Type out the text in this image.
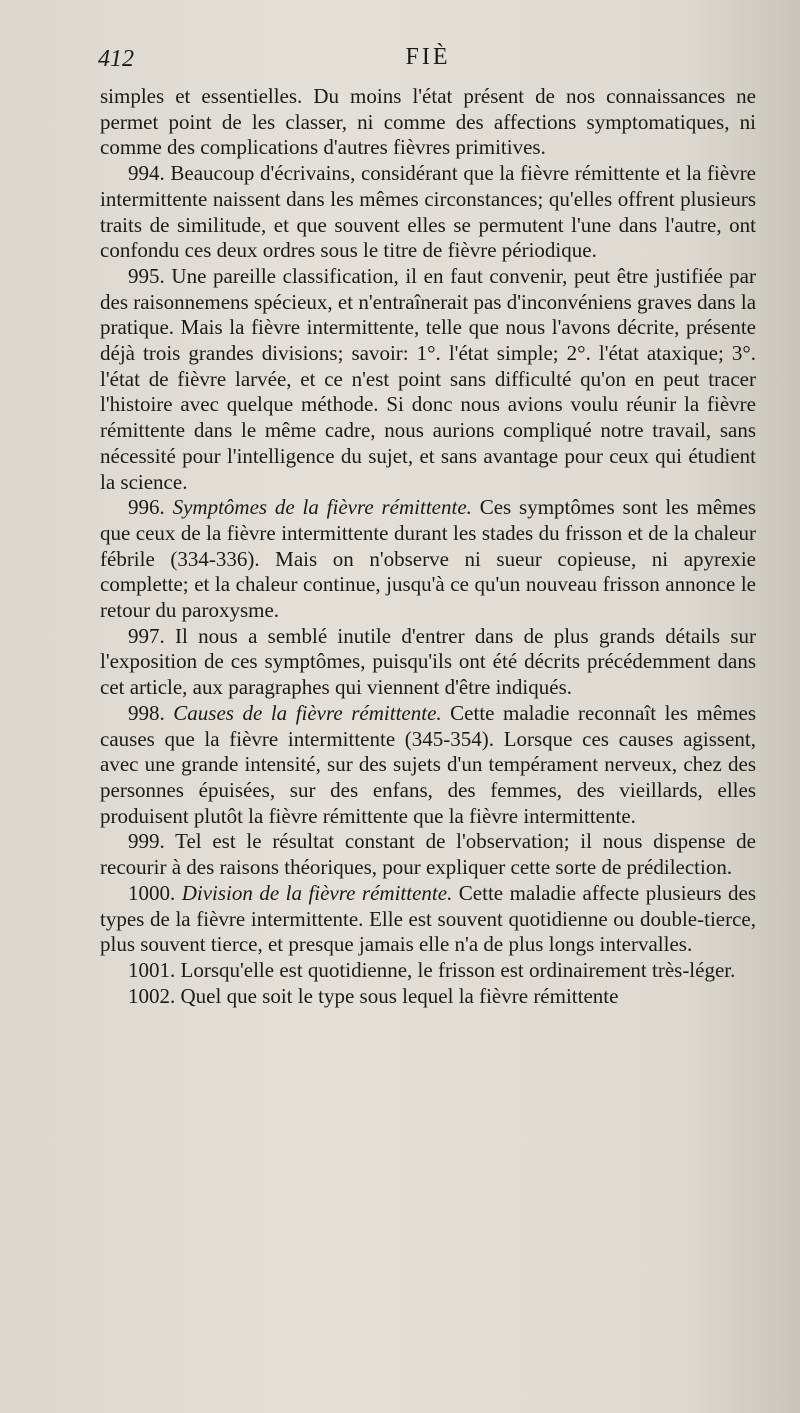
412	FIÈ

simples et essentielles. Du moins l'état présent de nos connaissances ne permet point de les classer, ni comme des affections symptomatiques, ni comme des complications d'autres fièvres primitives.

994. Beaucoup d'écrivains, considérant que la fièvre rémittente et la fièvre intermittente naissent dans les mêmes circonstances; qu'elles offrent plusieurs traits de similitude, et que souvent elles se permutent l'une dans l'autre, ont confondu ces deux ordres sous le titre de fièvre périodique.

995. Une pareille classification, il en faut convenir, peut être justifiée par des raisonnemens spécieux, et n'entraînerait pas d'inconvéniens graves dans la pratique. Mais la fièvre intermittente, telle que nous l'avons décrite, présente déjà trois grandes divisions; savoir: 1°. l'état simple; 2°. l'état ataxique; 3°. l'état de fièvre larvée, et ce n'est point sans difficulté qu'on en peut tracer l'histoire avec quelque méthode. Si donc nous avions voulu réunir la fièvre rémittente dans le même cadre, nous aurions compliqué notre travail, sans nécessité pour l'intelligence du sujet, et sans avantage pour ceux qui étudient la science.

996. Symptômes de la fièvre rémittente. Ces symptômes sont les mêmes que ceux de la fièvre intermittente durant les stades du frisson et de la chaleur fébrile (334-336). Mais on n'observe ni sueur copieuse, ni apyrexie complette; et la chaleur continue, jusqu'à ce qu'un nouveau frisson annonce le retour du paroxysme.

997. Il nous a semblé inutile d'entrer dans de plus grands détails sur l'exposition de ces symptômes, puisqu'ils ont été décrits précédemment dans cet article, aux paragraphes qui viennent d'être indiqués.

998. Causes de la fièvre rémittente. Cette maladie reconnaît les mêmes causes que la fièvre intermittente (345-354). Lorsque ces causes agissent, avec une grande intensité, sur des sujets d'un tempérament nerveux, chez des personnes épuisées, sur des enfans, des femmes, des vieillards, elles produisent plutôt la fièvre rémittente que la fièvre intermittente.

999. Tel est le résultat constant de l'observation; il nous dispense de recourir à des raisons théoriques, pour expliquer cette sorte de prédilection.

1000. Division de la fièvre rémittente. Cette maladie affecte plusieurs des types de la fièvre intermittente. Elle est souvent quotidienne ou double-tierce, plus souvent tierce, et presque jamais elle n'a de plus longs intervalles.

1001. Lorsqu'elle est quotidienne, le frisson est ordinairement très-léger.

1002. Quel que soit le type sous lequel la fièvre rémittente
